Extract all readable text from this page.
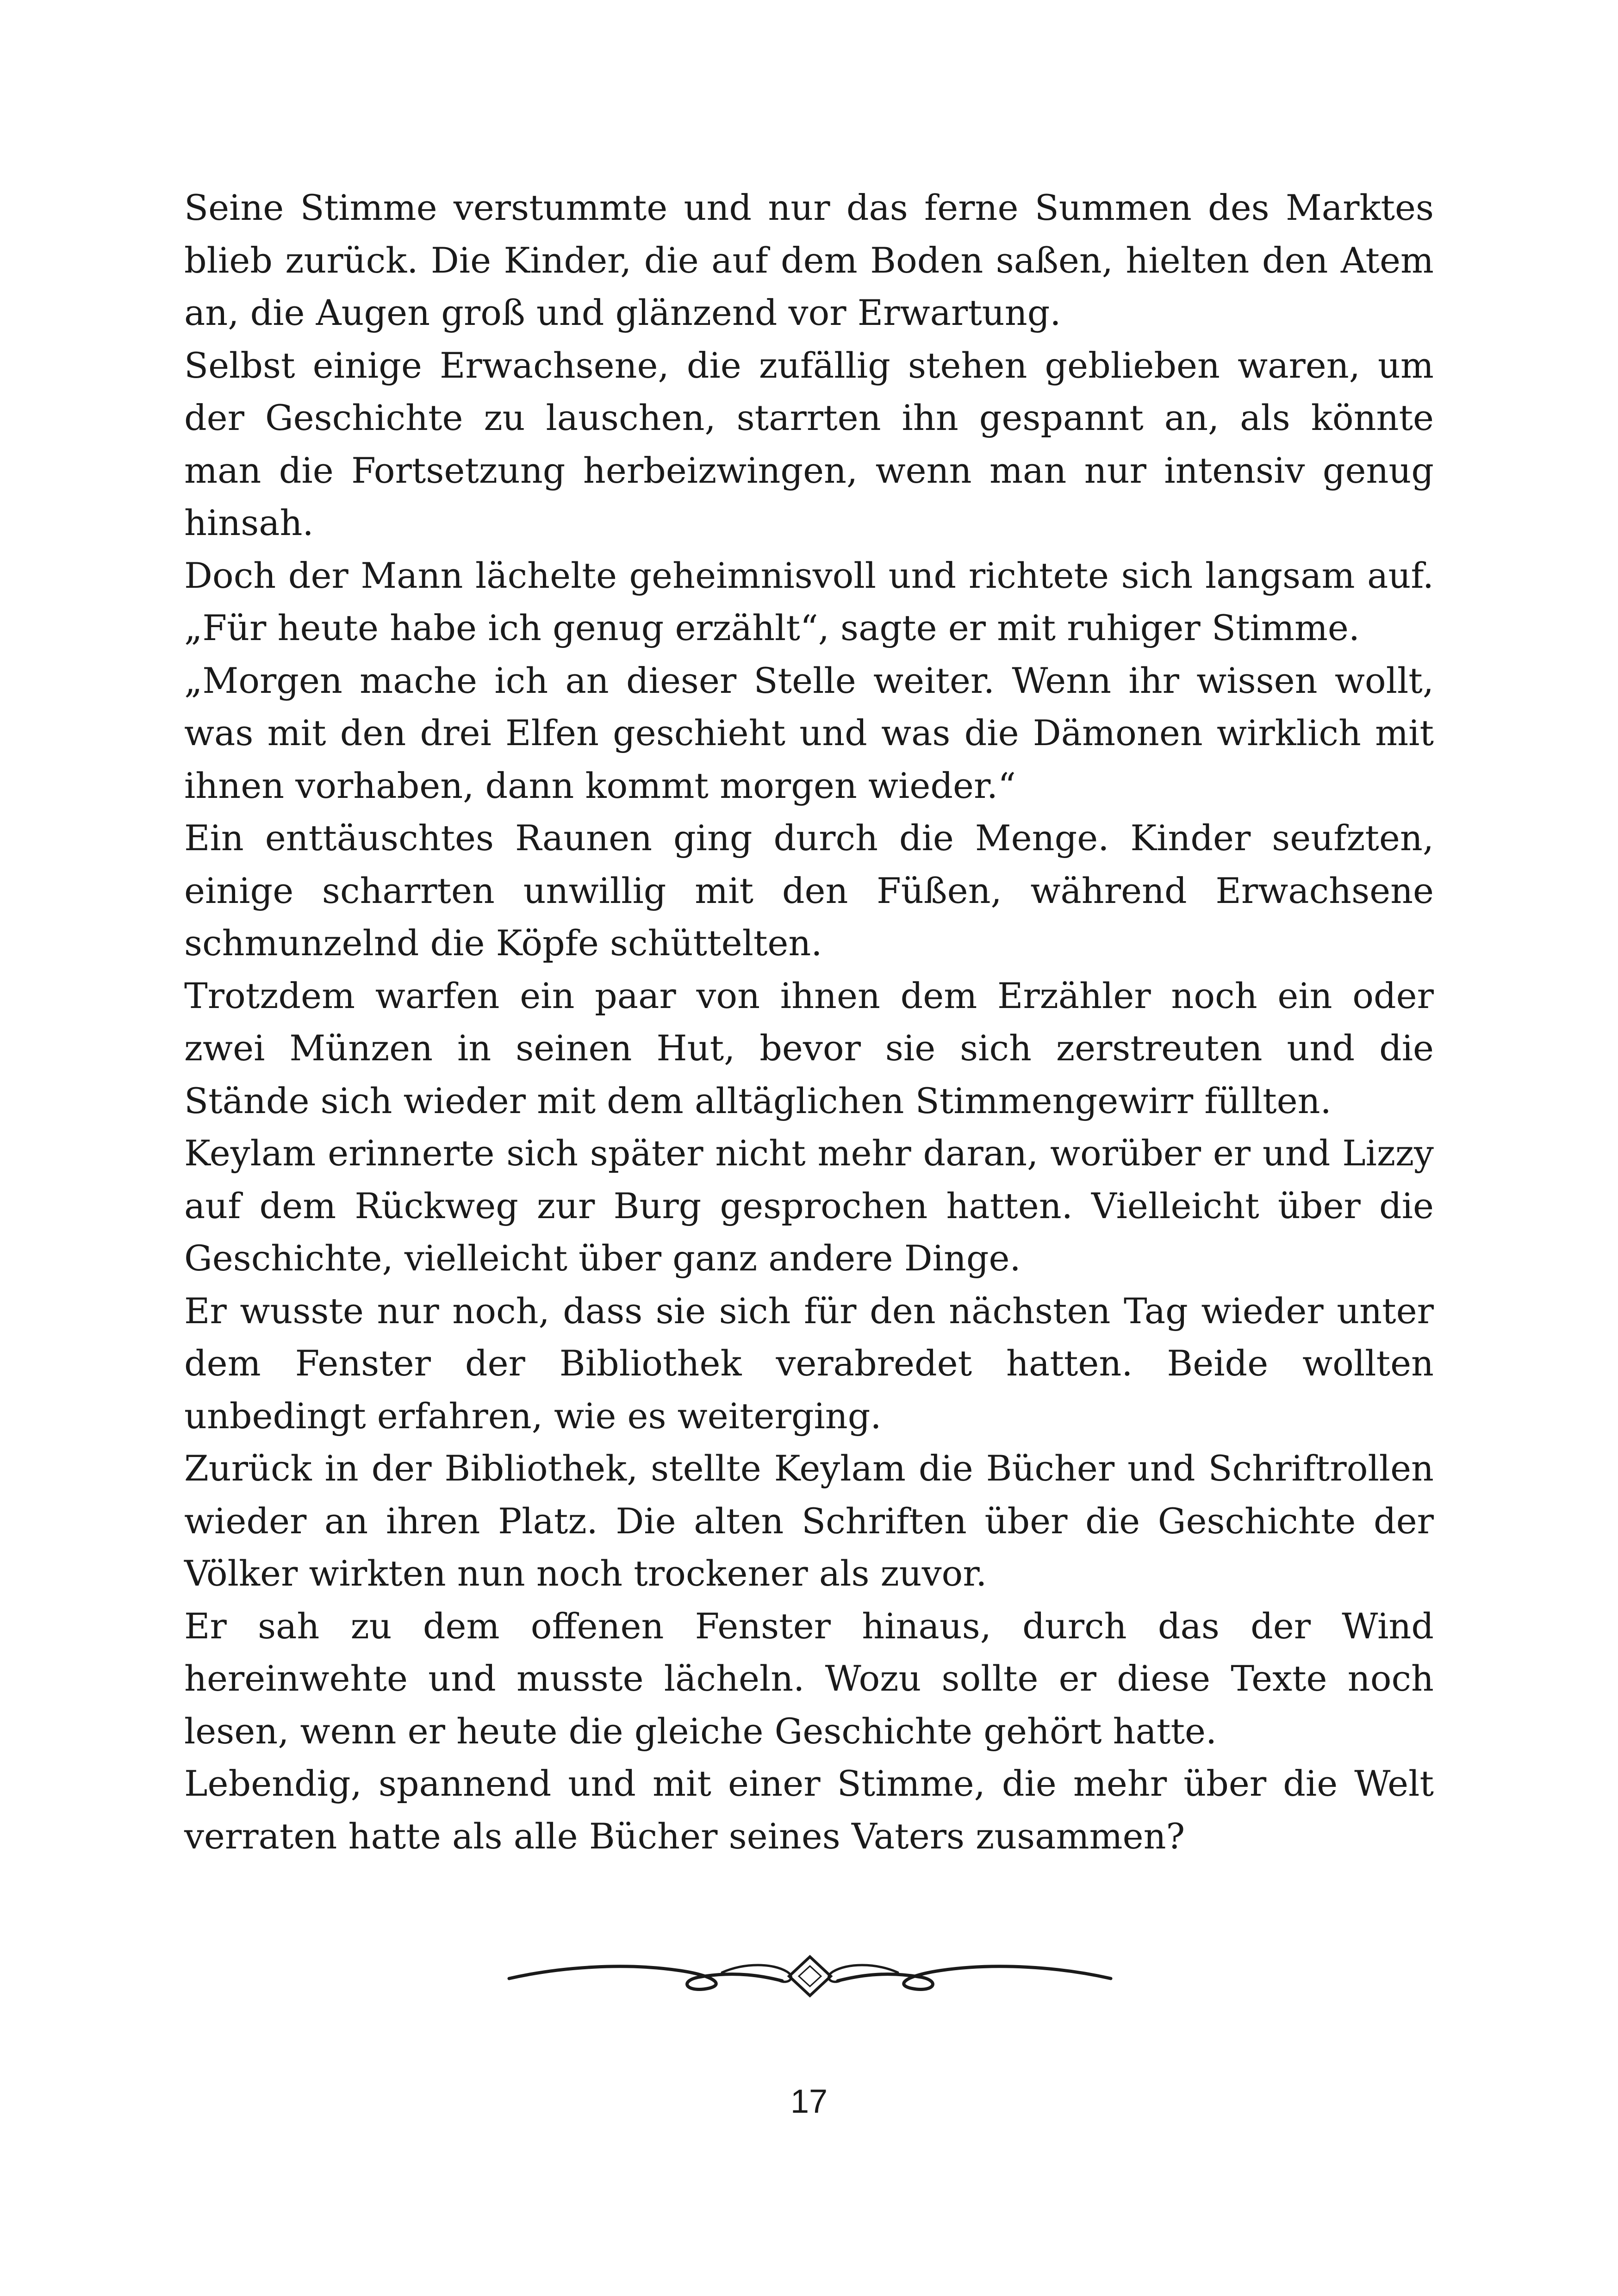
Seine Stimme verstummte und nur das ferne Summen des Marktes blieb zurück. Die Kinder, die auf dem Boden saßen, hielten den Atem an, die Augen groß und glänzend vor Erwartung.

Selbst einige Erwachsene, die zufällig stehen geblieben waren, um der Geschichte zu lauschen, starrten ihn gespannt an, als könnte man die Fortsetzung herbeizwingen, wenn man nur intensiv genug hinsah.

Doch der Mann lächelte geheimnisvoll und richtete sich langsam auf. „Für heute habe ich genug erzählt“, sagte er mit ruhiger Stimme.

„Morgen mache ich an dieser Stelle weiter. Wenn ihr wissen wollt, was mit den drei Elfen geschieht und was die Dämonen wirklich mit ihnen vorhaben, dann kommt morgen wieder.“

Ein enttäuschtes Raunen ging durch die Menge. Kinder seufzten, einige scharrten unwillig mit den Füßen, während Erwachsene schmunzelnd die Köpfe schüttelten.

Trotzdem warfen ein paar von ihnen dem Erzähler noch ein oder zwei Münzen in seinen Hut, bevor sie sich zerstreuten und die Stände sich wieder mit dem alltäglichen Stimmengewirr füllten.

Keylam erinnerte sich später nicht mehr daran, worüber er und Lizzy auf dem Rückweg zur Burg gesprochen hatten. Vielleicht über die Geschichte, vielleicht über ganz andere Dinge.

Er wusste nur noch, dass sie sich für den nächsten Tag wieder unter dem Fenster der Bibliothek verabredet hatten. Beide wollten unbedingt erfahren, wie es weiterging.

Zurück in der Bibliothek, stellte Keylam die Bücher und Schriftrollen wieder an ihren Platz. Die alten Schriften über die Geschichte der Völker wirkten nun noch trockener als zuvor.

Er sah zu dem offenen Fenster hinaus, durch das der Wind hereinwehte und musste lächeln. Wozu sollte er diese Texte noch lesen, wenn er heute die gleiche Geschichte gehört hatte.

Lebendig, spannend und mit einer Stimme, die mehr über die Welt verraten hatte als alle Bücher seines Vaters zusammen?

17
